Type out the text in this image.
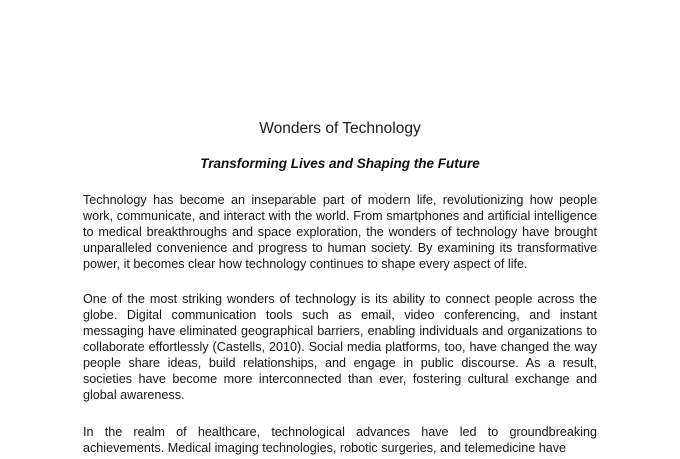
Wonders of Technology
Transforming Lives and Shaping the Future

Technology has become an inseparable part of modern life, revolutionizing how people work, communicate, and interact with the world. From smartphones and artificial intelligence to medical breakthroughs and space exploration, the wonders of technology have brought unparalleled convenience and progress to human society. By examining its transformative power, it becomes clear how technology continues to shape every aspect of life.

One of the most striking wonders of technology is its ability to connect people across the globe. Digital communication tools such as email, video conferencing, and instant messaging have eliminated geographical barriers, enabling individuals and organizations to collaborate effortlessly (Castells, 2010). Social media platforms, too, have changed the way people share ideas, build relationships, and engage in public discourse. As a result, societies have become more interconnected than ever, fostering cultural exchange and global awareness.

In the realm of healthcare, technological advances have led to groundbreaking achievements. Medical imaging technologies, robotic surgeries, and telemedicine have
